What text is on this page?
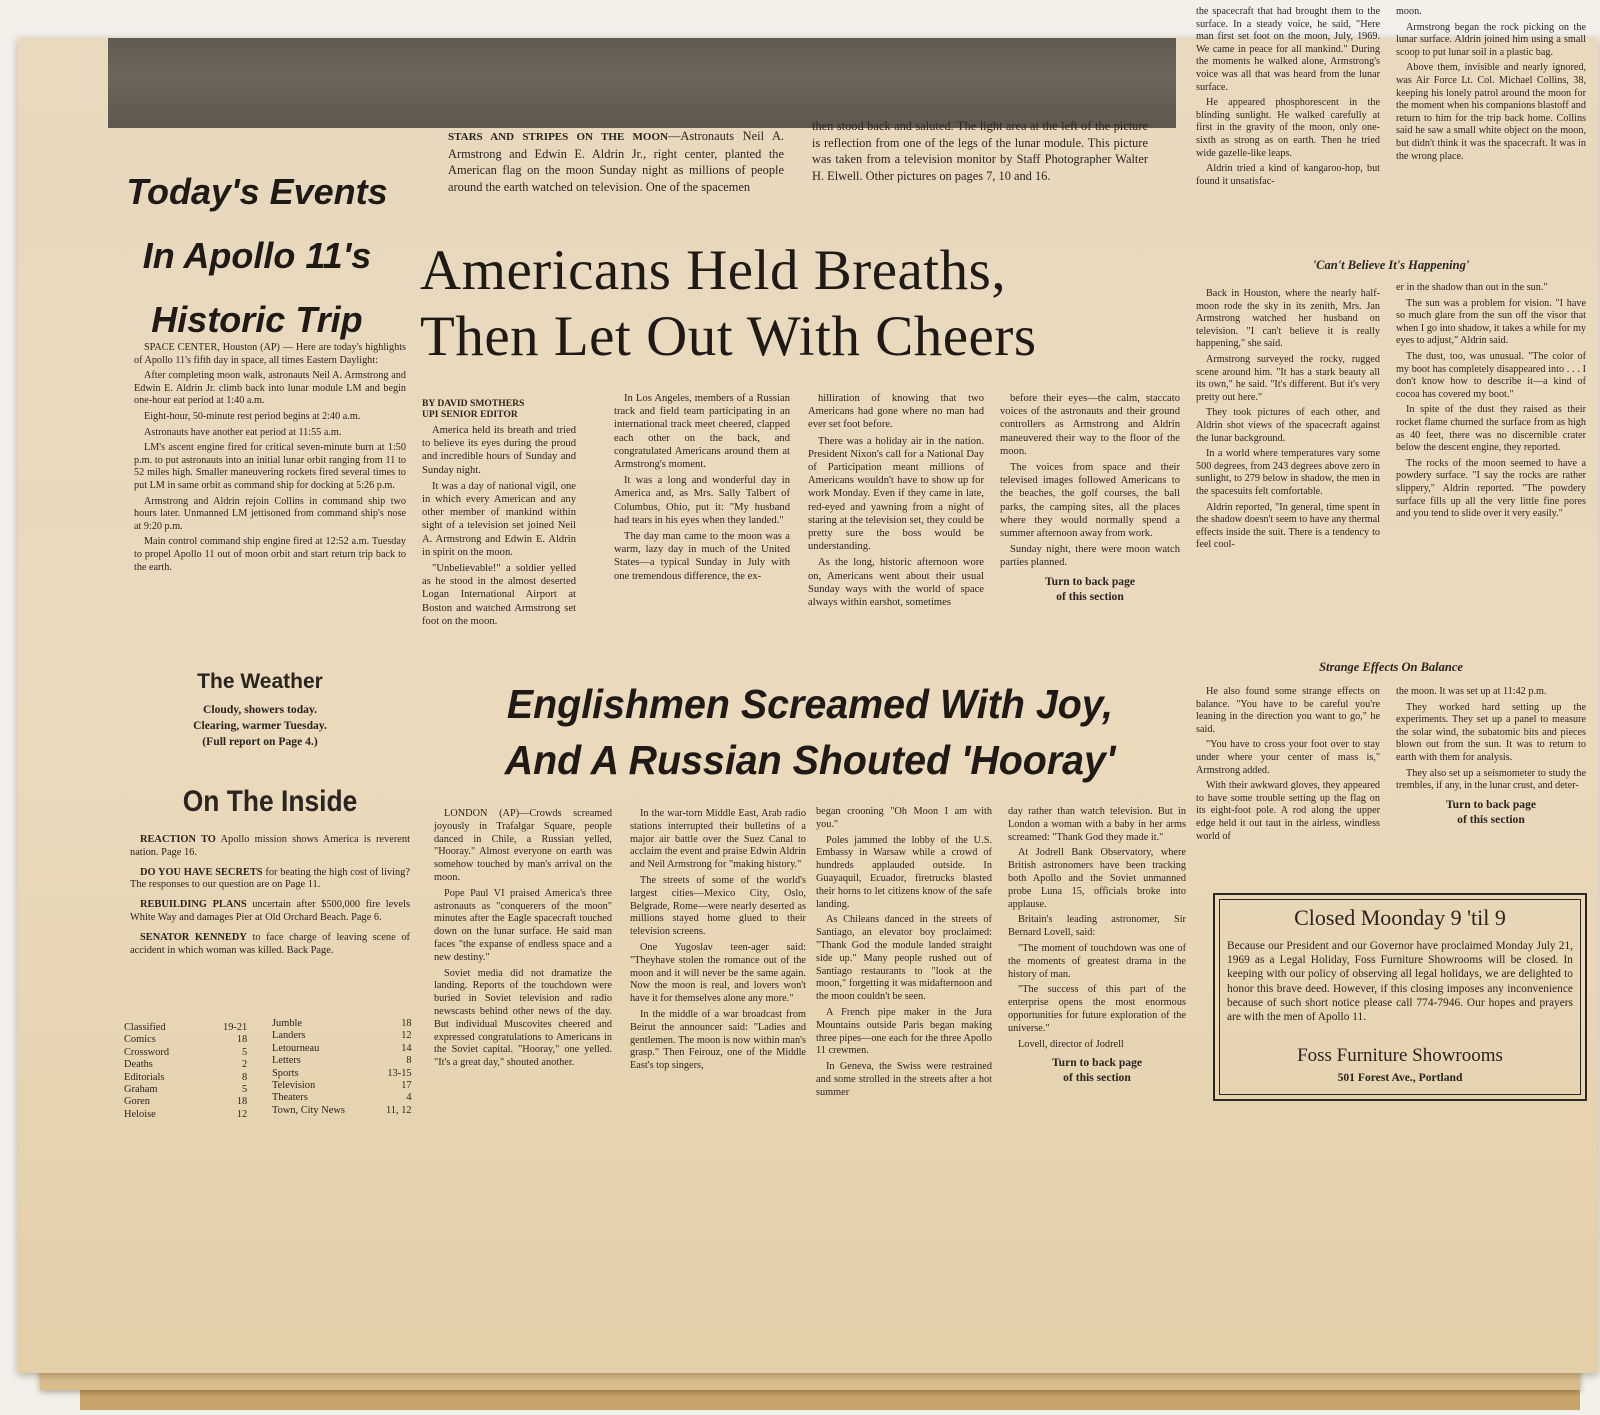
STARS AND STRIPES ON THE MOON—Astronauts Neil A. Armstrong and Edwin E. Aldrin Jr., right center, planted the American flag on the moon Sunday night as millions of people around the earth watched on television. One of the spacemen
then stood back and saluted. The light area at the left of the picture is reflection from one of the legs of the lunar module. This picture was taken from a television monitor by Staff Photographer Walter H. Elwell. Other pictures on pages 7, 10 and 16.
Today's Events
In Apollo 11's
Historic Trip

SPACE CENTER, Houston (AP) — Here are today's highlights of Apollo 11's fifth day in space, all times Eastern Daylight:

After completing moon walk, astronauts Neil A. Armstrong and Edwin E. Aldrin Jr. climb back into lunar module LM and begin one-hour eat period at 1:40 a.m.

Eight-hour, 50-minute rest period begins at 2:40 a.m.

Astronauts have another eat period at 11:55 a.m.

LM's ascent engine fired for critical seven-minute burn at 1:50 p.m. to put astronauts into an initial lunar orbit ranging from 11 to 52 miles high. Smaller maneuvering rockets fired several times to put LM in same orbit as command ship for docking at 5:26 p.m.

Armstrong and Aldrin rejoin Collins in command ship two hours later. Unmanned LM jettisoned from command ship's nose at 9:20 p.m.

Main control command ship engine fired at 12:52 a.m. Tuesday to propel Apollo 11 out of moon orbit and start return trip back to the earth.

Americans Held Breaths,
Then Let Out With Cheers
BY DAVID SMOTHERS
UPI SENIOR EDITOR

America held its breath and tried to believe its eyes during the proud and incredible hours of Sunday and Sunday night.

It was a day of national vigil, one in which every American and any other member of mankind within sight of a television set joined Neil A. Armstrong and Edwin E. Aldrin in spirit on the moon.

"Unbelievable!" a soldier yelled as he stood in the almost deserted Logan International Airport at Boston and watched Armstrong set foot on the moon.

In Los Angeles, members of a Russian track and field team participating in an international track meet cheered, clapped each other on the back, and congratulated Americans around them at Armstrong's moment.

It was a long and wonderful day in America and, as Mrs. Sally Talbert of Columbus, Ohio, put it: "My husband had tears in his eyes when they landed."

The day man came to the moon was a warm, lazy day in much of the United States—a typical Sunday in July with one tremendous difference, the ex-

hilliration of knowing that two Americans had gone where no man had ever set foot before.

There was a holiday air in the nation. President Nixon's call for a National Day of Participation meant millions of Americans wouldn't have to show up for work Monday. Even if they came in late, red-eyed and yawning from a night of staring at the television set, they could be pretty sure the boss would be understanding.

As the long, historic afternoon wore on, Americans went about their usual Sunday ways with the world of space always within earshot, sometimes

before their eyes—the calm, staccato voices of the astronauts and their ground controllers as Armstrong and Aldrin maneuvered their way to the floor of the moon.

The voices from space and their televised images followed Americans to the beaches, the golf courses, the ball parks, the camping sites, all the places where they would normally spend a summer afternoon away from work.

Sunday night, there were moon watch parties planned.

Turn to back page
of this section

the spacecraft that had brought them to the surface. In a steady voice, he said, "Here man first set foot on the moon, July, 1969. We came in peace for all mankind." During the moments he walked alone, Armstrong's voice was all that was heard from the lunar surface.

He appeared phosphorescent in the blinding sunlight. He walked carefully at first in the gravity of the moon, only one-sixth as strong as on earth. Then he tried wide gazelle-like leaps.

Aldrin tried a kind of kangaroo-hop, but found it unsatisfac-

moon.

Armstrong began the rock picking on the lunar surface. Aldrin joined him using a small scoop to put lunar soil in a plastic bag.

Above them, invisible and nearly ignored, was Air Force Lt. Col. Michael Collins, 38, keeping his lonely patrol around the moon for the moment when his companions blastoff and return to him for the trip back home. Collins said he saw a small white object on the moon, but didn't think it was the spacecraft. It was in the wrong place.

'Can't Believe It's Happening'

Back in Houston, where the nearly half-moon rode the sky in its zenith, Mrs. Jan Armstrong watched her husband on television. "I can't believe it is really happening," she said.

Armstrong surveyed the rocky, rugged scene around him. "It has a stark beauty all its own," he said. "It's different. But it's very pretty out here."

They took pictures of each other, and Aldrin shot views of the spacecraft against the lunar background.

In a world where temperatures vary some 500 degrees, from 243 degrees above zero in sunlight, to 279 below in shadow, the men in the spacesuits felt comfortable.

Aldrin reported, "In general, time spent in the shadow doesn't seem to have any thermal effects inside the suit. There is a tendency to feel cool-

er in the shadow than out in the sun."

The sun was a problem for vision. "I have so much glare from the sun off the visor that when I go into shadow, it takes a while for my eyes to adjust," Aldrin said.

The dust, too, was unusual. "The color of my boot has completely disappeared into . . . I don't know how to describe it—a kind of cocoa has covered my boot."

In spite of the dust they raised as their rocket flame churned the surface from as high as 40 feet, there was no discernible crater below the descent engine, they reported.

The rocks of the moon seemed to have a powdery surface. "I say the rocks are rather slippery," Aldrin reported. "The powdery surface fills up all the very little fine pores and you tend to slide over it very easily."

Strange Effects On Balance

He also found some strange effects on balance. "You have to be careful you're leaning in the direction you want to go," he said.

"You have to cross your foot over to stay under where your center of mass is," Armstrong added.

With their awkward gloves, they appeared to have some trouble setting up the flag on its eight-foot pole. A rod along the upper edge held it out taut in the airless, windless world of

the moon. It was set up at 11:42 p.m.

They worked hard setting up the experiments. They set up a panel to measure the solar wind, the subatomic bits and pieces blown out from the sun. It was to return to earth with them for analysis.

They also set up a seismometer to study the trembles, if any, in the lunar crust, and deter-

Turn to back page
of this section
The Weather
Cloudy, showers today.
Clearing, warmer Tuesday.
(Full report on Page 4.)
On The Inside

REACTION TO Apollo mission shows America is reverent nation. Page 16.

DO YOU HAVE SECRETS for beating the high cost of living? The responses to our question are on Page 11.

REBUILDING PLANS uncertain after $500,000 fire levels White Way and damages Pier at Old Orchard Beach. Page 6.

SENATOR KENNEDY to face charge of leaving scene of accident in which woman was killed. Back Page.

Classified	19-21
Comics	18
Crossword	5
Deaths	2
Editorials	8
Graham	5
Goren	18
Heloise	12
Jumble	18
Landers	12
Letourneau	14
Letters	8
Sports	13-15
Television	17
Theaters	4
Town, City News	11, 12
Englishmen Screamed With Joy,
And A Russian Shouted 'Hooray'

LONDON (AP)—Crowds screamed joyously in Trafalgar Square, people danced in Chile, a Russian yelled, "Hooray." Almost everyone on earth was somehow touched by man's arrival on the moon.

Pope Paul VI praised America's three astronauts as "conquerers of the moon" minutes after the Eagle spacecraft touched down on the lunar surface. He said man faces "the expanse of endless space and a new destiny."

Soviet media did not dramatize the landing. Reports of the touchdown were buried in Soviet television and radio newscasts behind other news of the day. But individual Muscovites cheered and expressed congratulations to Americans in the Soviet capital. "Hooray," one yelled. "It's a great day," shouted another.

In the war-torn Middle East, Arab radio stations interrupted their bulletins of a major air battle over the Suez Canal to acclaim the event and praise Edwin Aldrin and Neil Armstrong for "making history."

The streets of some of the world's largest cities—Mexico City, Oslo, Belgrade, Rome—were nearly deserted as millions stayed home glued to their television screens.

One Yugoslav teen-ager said: "Theyhave stolen the romance out of the moon and it will never be the same again. Now the moon is real, and lovers won't have it for themselves alone any more."

In the middle of a war broadcast from Beirut the announcer said: "Ladies and gentlemen. The moon is now within man's grasp." Then Feirouz, one of the Middle East's top singers,

began crooning "Oh Moon I am with you."

Poles jammed the lobby of the U.S. Embassy in Warsaw while a crowd of hundreds applauded outside. In Guayaquil, Ecuador, firetrucks blasted their horns to let citizens know of the safe landing.

As Chileans danced in the streets of Santiago, an elevator boy proclaimed: "Thank God the module landed straight side up." Many people rushed out of Santiago restaurants to "look at the moon," forgetting it was midafternoon and the moon couldn't be seen.

A French pipe maker in the Jura Mountains outside Paris began making three pipes—one each for the three Apollo 11 crewmen.

In Geneva, the Swiss were restrained and some strolled in the streets after a hot summer

day rather than watch television. But in London a woman with a baby in her arms screamed: "Thank God they made it."

At Jodrell Bank Observatory, where British astronomers have been tracking both Apollo and the Soviet unmanned probe Luna 15, officials broke into applause.

Britain's leading astronomer, Sir Bernard Lovell, said:

"The moment of touchdown was one of the moments of greatest drama in the history of man.

"The success of this part of the enterprise opens the most enormous opportunities for future exploration of the universe."

Lovell, director of Jodrell

Turn to back page
of this section
Closed Moonday 9 'til 9
Because our President and our Governor have proclaimed Monday July 21, 1969 as a Legal Holiday, Foss Furniture Showrooms will be closed. In keeping with our policy of observing all legal holidays, we are delighted to honor this brave deed. However, if this closing imposes any inconvenience because of such short notice please call 774-7946. Our hopes and prayers are with the men of Apollo 11.
Foss Furniture Showrooms
501 Forest Ave., Portland
